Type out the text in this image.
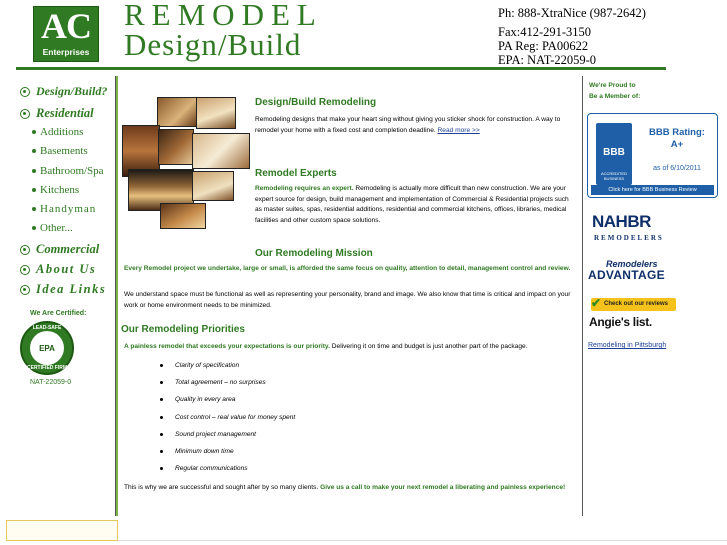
AC
Enterprises
REMODEL
Design/Build
Ph: 888-XtraNice (987-2642)
Fax:412-291-3150
PA Reg: PA00622
EPA: NAT-22059-0
Design/Build?
Residential
Additions
Basements
Bathroom/Spa
Kitchens
Handyman
Other...
Commercial
About Us
Idea Links
We Are Certified:
LEAD-SAFE
EPA
CERTIFIED FIRM
NAT-22059-0
Design/Build Remodeling
Remodeling designs that make your heart sing without giving you sticker shock for construction. A way to remodel your home with a fixed cost and completion deadline. Read more >>
Remodel Experts
Remodeling requires an expert. Remodeling is actually more difficult than new construction. We are your expert source for design, build management and implementation of Commercial & Residential projects such as master suites, spas, residential additions, residential and commercial kitchens, offices, libraries, medical facilities and other custom space solutions.
Our Remodeling Mission
Every Remodel project we undertake, large or small, is afforded the same focus on quality, attention to detail, management control and review.
We understand space must be functional as well as representing your personality, brand and image. We also know that time is critical and impact on your work or home environment needs to be minimized.
Our Remodeling Priorities
A painless remodel that exceeds your expectations is our priority. Delivering it on time and budget is just another part of the package.
Clarity of specification
Total agreement – no surprises
Quality in every area
Cost control – real value for money spent
Sound project management
Minimum down time
Regular communications
This is why we are successful and sought after by so many clients. Give us a call to make your next remodel a liberating and painless experience!
We're Proud to
Be a Member of:
BBB
ACCREDITED BUSINESS
BBB Rating:
A+
as of 6/10/2011
Click here for BBB Business Review
NAHBR
REMODELERS
Remodelers
ADVANTAGE
Check out our reviews
✔
Angie's list.
Remodeling in Pittsburgh
